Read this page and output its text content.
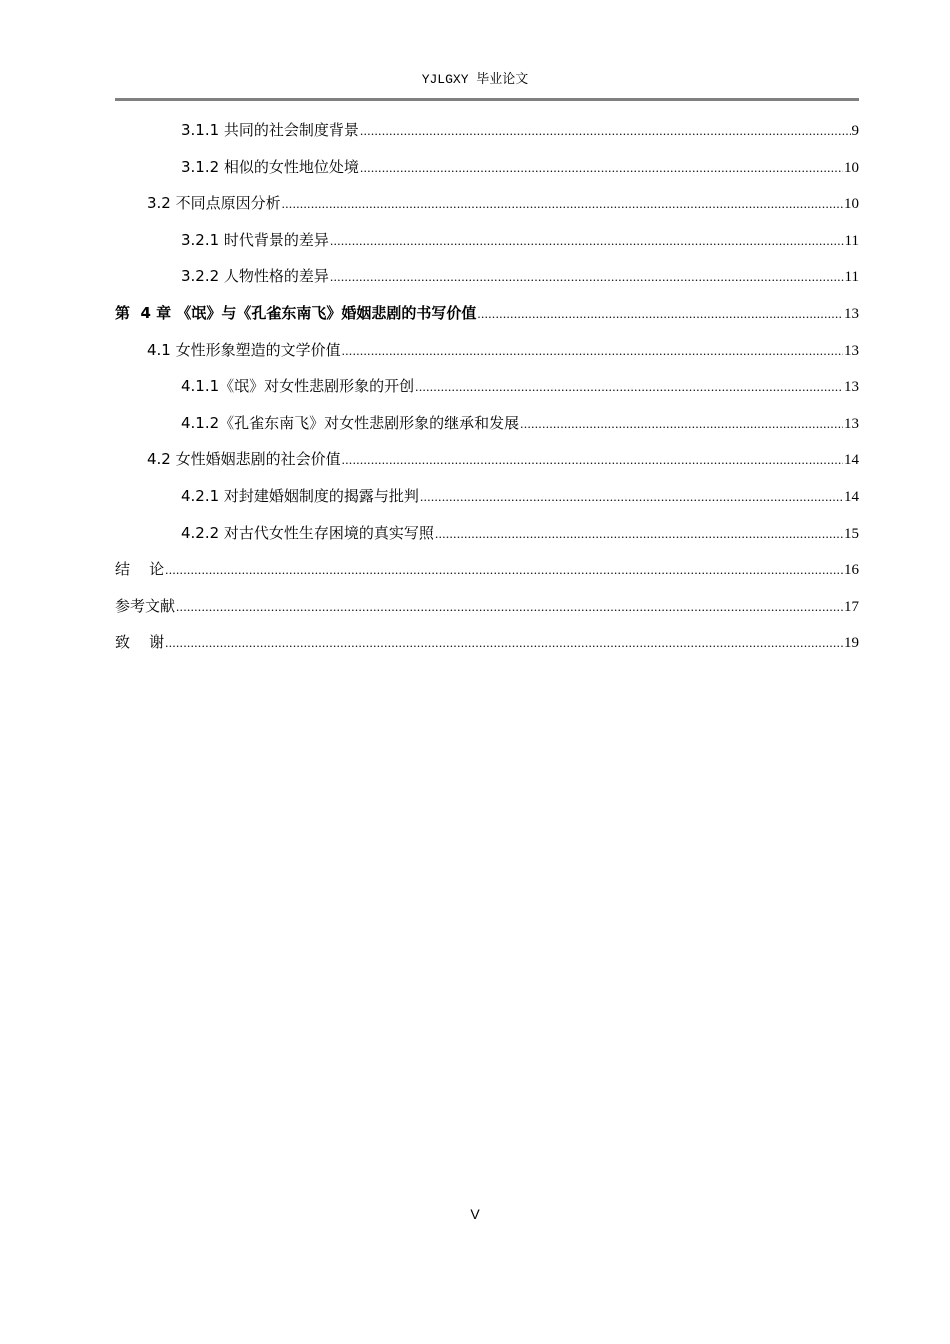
YJLGXY 毕业论文
3.1.1 共同的社会制度背景 .....	9
3.1.2 相似的女性地位处境 .....	10
3.2 不同点原因分析 .....	10
3.2.1 时代背景的差异 .....	11
3.2.2 人物性格的差异 .....	11
第  4 章 《氓》与《孔雀东南飞》婚姻悲剧的书写价值 .....	13
4.1 女性形象塑造的文学价值 .....	13
4.1.1《氓》对女性悲剧形象的开创 .....	13
4.1.2《孔雀东南飞》对女性悲剧形象的继承和发展 .....	13
4.2 女性婚姻悲剧的社会价值 .....	14
4.2.1 对封建婚姻制度的揭露与批判 .....	14
4.2.2 对古代女性生存困境的真实写照 .....	15
结    论 .....	16
参考文献 .....	17
致    谢 .....	19
V
